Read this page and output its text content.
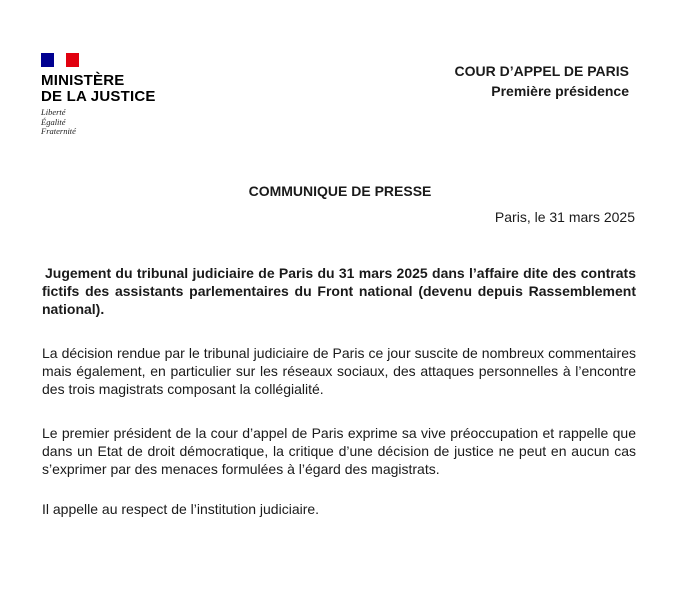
MINISTÈRE
DE LA JUSTICE
Liberté
Égalité
Fraternité
COUR D’APPEL DE PARIS
Première présidence
COMMUNIQUE DE PRESSE
Paris, le 31 mars 2025
Jugement du tribunal judiciaire de Paris du 31 mars 2025 dans l’affaire dite des contrats fictifs des assistants parlementaires du Front national (devenu depuis Rassemblement national).
La décision rendue par le tribunal judiciaire de Paris ce jour suscite de nombreux commentaires mais également, en particulier sur les réseaux sociaux, des attaques personnelles à l’encontre des trois magistrats composant la collégialité.
Le premier président de la cour d’appel de Paris exprime sa vive préoccupation et rappelle que dans un Etat de droit démocratique, la critique d’une décision de justice ne peut en aucun cas s’exprimer par des menaces formulées à l’égard des magistrats.
Il appelle au respect de l’institution judiciaire.
